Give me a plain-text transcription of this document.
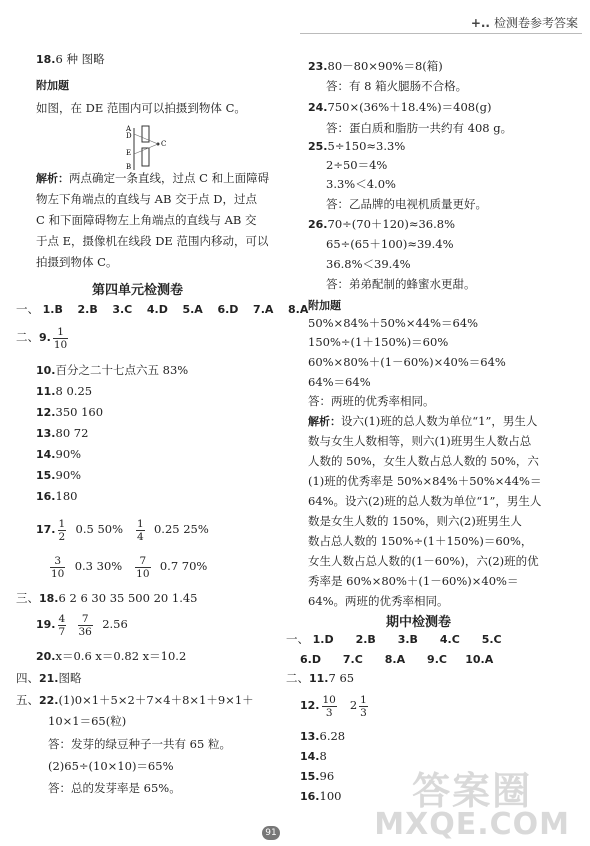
+.. 检测卷参考答案
18.6 种 图略
附加题
如图，在 DE 范围内可以拍摄到物体 C。
A
D
E
B
C
解析：两点确定一条直线，过点 C 和上面障碍
物左下角端点的直线与 AB 交于点 D，过点
C 和下面障碍物左上角端点的直线与 AB 交
于点 E，摄像机在线段 DE 范围内移动，可以
拍摄到物体 C。
第四单元检测卷
一、 1.B 2.B 3.C 4.D 5.A 6.D 7.A 8.A
二、9. $\frac{1}{10}$
10.百分之二十七点六五 83%
11.8 0.25
12.350 160
13.80 72
14.90%
15.90%
16.180
17. $\frac{1}{2} 0.5$ $50\% \frac{1}{4} 0.25$ 25%
$\frac{3}{10} 0.3$ $30\% \frac{7}{10} 0.7$ 70%
三、18.6 2 6 30 35 500 20 1.45
19. $\frac{4}{7}$
$\frac{7}{36} 2.56$
20.x＝0.6 x＝0.82 x＝10.2
四、21.图略
五、22.(1)0×1＋5×2＋7×4＋8×1＋9×1＋
10×1＝65(粒)
答：发芽的绿豆种子一共有 65 粒。
(2)65÷(10×10)＝65%
答：总的发芽率是 65%。
23.80－80×90%＝8(箱)
答：有 8 箱火腿肠不合格。
24.750×(36%＋18.4%)＝408(g)
答：蛋白质和脂肪一共约有 408 g。
25.5÷150≈3.3%
2÷50＝4%
3.3%＜4.0%
答：乙品牌的电视机质量更好。
26.70÷(70＋120)≈36.8%
65÷(65＋100)≈39.4%
36.8%＜39.4%
答：弟弟配制的蜂蜜水更甜。
附加题
50%×84%＋50%×44%＝64%
150%÷(1＋150%)＝60%
60%×80%＋(1－60%)×40%＝64%
64%＝64%
答：两班的优秀率相同。
解析：设六(1)班的总人数为单位“1”，男生人
数与女生人数相等，则六(1)班男生人数占总
人数的 50%，女生人数占总人数的 50%，六
(1)班的优秀率是 50%×84%＋50%×44%＝
64%。设六(2)班的总人数为单位“1”，男生人
数是女生人数的 150%，则六(2)班男生人
数占总人数的 150%÷(1＋150%)＝60%，
女生人数占总人数的(1－60%)，六(2)班的优
秀率是 60%×80%＋(1－60%)×40%＝
64%。两班的优秀率相同。
期中检测卷
一、 1.D 2.B 3.B 4.C 5.C
6.D 7.C 8.A 9.C 10.A
二、11.7 65
12. $\frac{10}{3} 2 \frac{1}{3}$
13.6.28
14.8
15.96
16.100
91
答案圈
MXQE.COM
